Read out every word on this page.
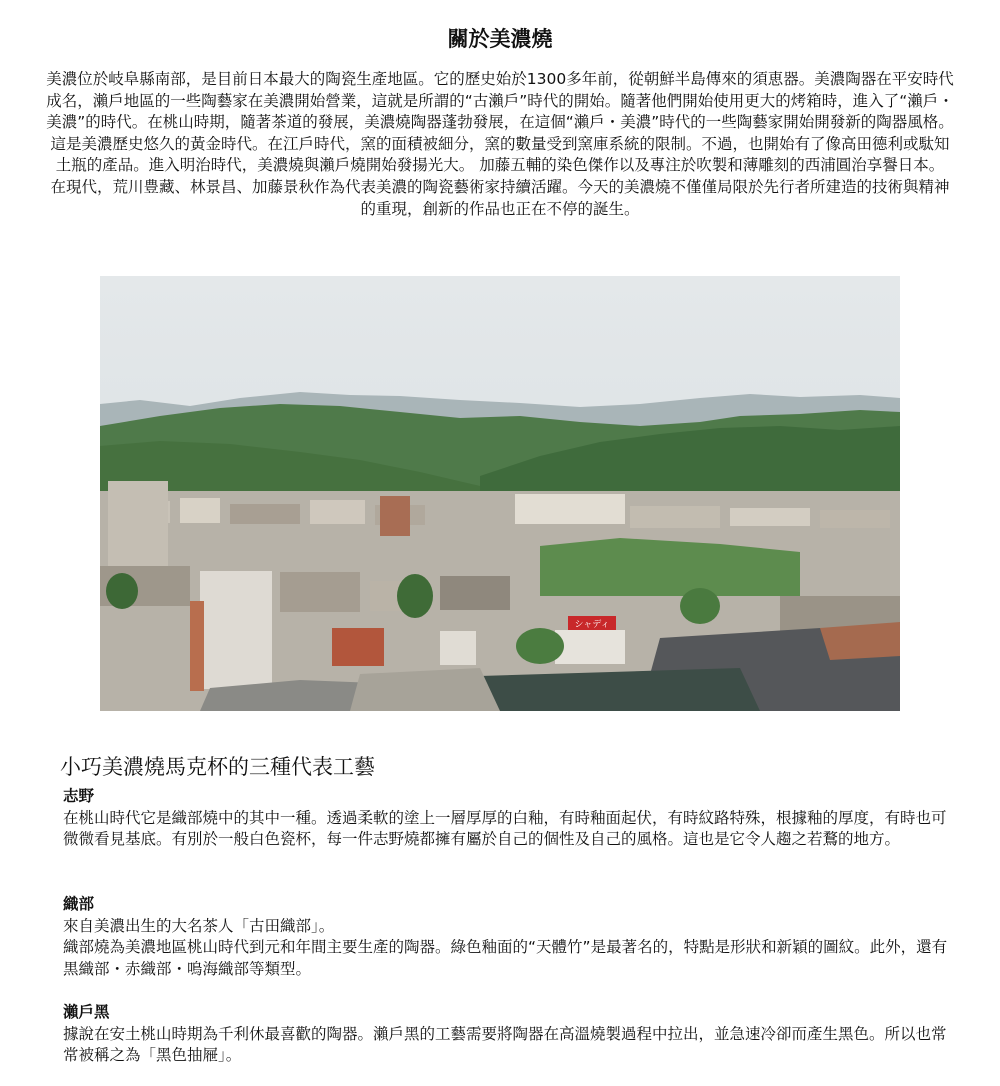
關於美濃燒
美濃位於岐阜縣南部，是目前日本最大的陶瓷生產地區。它的歷史始於1300多年前，從朝鮮半島傳來的須恵器。美濃陶器在平安時代成名，瀨戶地區的一些陶藝家在美濃開始營業，這就是所謂的“古瀨戶”時代的開始。隨著他們開始使用更大的烤箱時，進入了“瀨戶・美濃”的時代。在桃山時期，隨著茶道的發展，美濃燒陶器蓬勃發展，在這個“瀨戶・美濃”時代的一些陶藝家開始開發新的陶器風格。這是美濃歷史悠久的黃金時代。在江戶時代，窯的面積被細分，窯的數量受到窯庫系統的限制。不過，也開始有了像高田德利或駄知土瓶的產品。進入明治時代，美濃燒與瀨戶燒開始發揚光大。 加藤五輔的染色傑作以及專注於吹製和薄雕刻的西浦圓治享譽日本。 在現代，荒川豊藏、林景昌、加藤景秋作為代表美濃的陶瓷藝術家持續活躍。今天的美濃燒不僅僅局限於先行者所建造的技術與精神的重現，創新的作品也正在不停的誕生。
シャディ
小巧美濃燒馬克杯的三種代表工藝
志野
在桃山時代它是織部燒中的其中一種。透過柔軟的塗上一層厚厚的白釉，有時釉面起伏，有時紋路特殊，根據釉的厚度，有時也可微微看見基底。有別於一般白色瓷杯，每一件志野燒都擁有屬於自己的個性及自己的風格。這也是它令人趨之若鶩的地方。
織部
來自美濃出生的大名茶人「古田織部」。
織部燒為美濃地區桃山時代到元和年間主要生產的陶器。綠色釉面的“天體竹”是最著名的，特點是形狀和新穎的圖紋。此外，還有黒織部・赤織部・嗚海織部等類型。
瀨戶黑
據說在安土桃山時期為千利休最喜歡的陶器。瀨戶黑的工藝需要將陶器在高溫燒製過程中拉出，並急速冷卻而產生黑色。所以也常常被稱之為「黑色抽屜」。
